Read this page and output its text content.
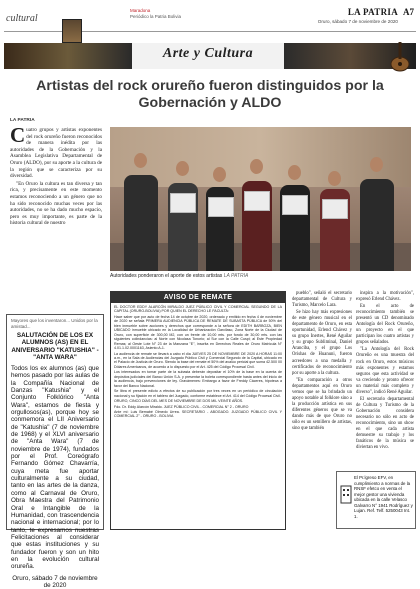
cultural
Maradona
Periódico la Patria Bolivia	LA PATRIA A7
Oruro, sábado 7 de noviembre de 2020
Arte y Cultura
Artistas del rock orureño fueron distinguidos por la Gobernación y ALDO
LA PATRIA

Cuatro grupos y artistas exponentes del rock orureño fueron reconocidos de manera inédita por las autoridades de la Gobernación y la Asamblea Legislativa Departamental de Oruro (ALDO), por su aporte a la cultura de la región que se caracteriza por su diversidad.

"En Oruro la cultura es tan diversa y tan rica, y precisamente en este momento estamos reconociendo a un género que no ha sido reconocido muchas veces por las autoridades, no se ha dado mucho espacio, pero es muy importante, es parte de la historia cultural de nuestro

Autoridades ponderaron el aporte de estos artistas LA PATRIA
Mayores que los inventaron... Unidos por la amistad...
SALUTACIÓN DE LOS EX ALUMNOS (AS) EN EL ANIVERSARIO "KATUSHIA" - "ANTA WARA"
Todos los ex alumnos (as) que hemos pasado por las aulas de la Compañía Nacional de Danzas "Katushia" y el Conjunto Folklórico "Anta Wara", estamos de fiesta y orgullosos(as), porque hoy se conmemora el LII Aniversario de "Katushia" (7 de noviembre de 1968) y el XLVI aniversario de "Anta Wara" (7 de noviembre de 1974), fundados por el Prof. Coreógrafo Fernando Gómez Chavarría, cuya meta fue aportar culturalmente a su ciudad, tanto en las artes de la danza, como al Carnaval de Oruro, Obra Maestra del Patrimonio Oral e Intangible de la Humanidad, con trascendencia nacional e internacional; por lo tanto, te expresamos nuestras Felicitaciones al considerar que estas instituciones y su fundador fueron y son un hito en la evolución cultural orureña.
Oruro, sábado 7 de noviembre de 2020
AVISO DE REMATE

EL DOCTOR EDDY ALARCÓN MIRALDO JUEZ PÚBLICO CIVIL Y COMERCIAL SEGUNDO DE LA CAPITAL (ORURO-BOLIVIA) POR QUIEN EL DERECHO LE FACULTA:

Hace saber que por auto de fecha 14 de octubre de 2020, ordenado y emitido en fecha 4 de noviembre de 2020 se señala PRIMERA AUDIENCIA PÚBLICA DE REMATE DE SUBASTA PÚBLICA de 50% del bien inmueble sobre acciones y derechos que corresponde a la señora de EDITH BARBOZA, BIEN UBICADO inmueble ubicado en la Localidad de Urbanización Garcilaso, Zona Norte de la Ciudad de Oruro, con superficie de 300,00 M2, con un frente de 10,00 mts. por fondo de 30,00 mts. con las siguientes colindancias: al Norte con Nicolasa Tonorio; al Sur con la Calle Cuspi; al Este Propiedad Remas; al Oeste Lote N° 23 de la Manzana "E", inscrita en Derechos Reales de Oruro Matrícula N° 4.01.1.02.0001163, Asiento A-1.

La audiencia de remate se llevará a cabo el día JUEVES 25 DE NOVIEMBRE DE 2020 A HORAS 11:00 a.m., en la Sala de Audiencias del Juzgado Público Civil y Comercial Segundo de la Capital, ubicado en el Palacio de Justicia de Oruro. Siendo la base del remate el 50% del avalúo pericial que suma 42.500 00 Dólares Americanos, de acuerdo a lo dispuesto por el Art. 425 del Código Procesal Civil.

Los interesados en tomar parte de la subasta deberán depositar el 10% de la base en la cuenta de depósitos judiciales del Banco Unión S.A. y presentar la boleta correspondiente hasta antes del inicio de la audiencia, bajo prevenciones de ley. Gravámenes: Embargo a favor de Freddy Cáceres, hipoteca a favor del Banco Nacional.

Se libra el presente edicto a efectos de su publicación por tres veces en un periódico de circulación nacional y su fijación en el tablero del Juzgado, conforme establece el Art. 414 del Código Procesal Civil.

ORURO, CINCO DÍAS DEL MES DE NOVIEMBRE DE DOS MIL VEINTE AÑOS.

Fdo. Dr. Eddy Alarcón Miraldo. JUEZ PÚBLICO CIVIL - COMERCIAL N° 2 - ORURO

Ante mí: Luis Bernabé Olmedo Urrea. SECRETARIO - ABOGADO. JUZGADO PÚBLICO CIVIL Y COMERCIAL 2° - ORURO - BOLIVIA

pueblo", señaló el secretario departamental de Cultura y Turismo, Marcelo Lara.

Se hizo hay más expresiones de este género musical en el departamento de Oruro, en esta oportunidad, Erlend Chávez y su grupo Inertes, René Aguilar y su grupo Subliminal, Daniel Aranciba, y el grupo Los Orishas de Huanuni, fueron acreedores a una medalla y certificados de reconocimiento por su aporte a la cultura.

"En comparación a otros departamentos aquí en Oruro vemos que se ha brindado un apoyo notable al folklore sino a la producción artística en sus diferentes géneros que se va dando más de que Oruro no sólo es un semillero de artistas, sino que también

inspira a la motivación", expresó Erlend Chávez.

En el acto de reconocimiento también se presentó un CD denominado Antología del Rock Orureño, un proyecto en el que participan los cuatro artistas y grupos señalados.

"La Antología del Rock Orureño es una muestra del rock en Oruro, estos músicos más exponentes y estamos seguros que esta actividad se va creciendo y pronto ofrecer un material más completo y diverso", indicó René Aguilar.

El secretario departamental de Cultura y Turismo de la Gobernación considera necesario no sólo en acto de reconocimiento, sino un show en el que cada artista demuestre su trabajo y los fanáticos de la música se diviertan en vivo.

El Pr.lgreso EFV, en cumplimiento a normas de la RNSF efetco en venta el mejor gestor una vivienda ubicada en la calle Velasco Galvarro N° 1941 Rodríguez y Lujan. Ref. Telf. 5250043 Int. 1.
